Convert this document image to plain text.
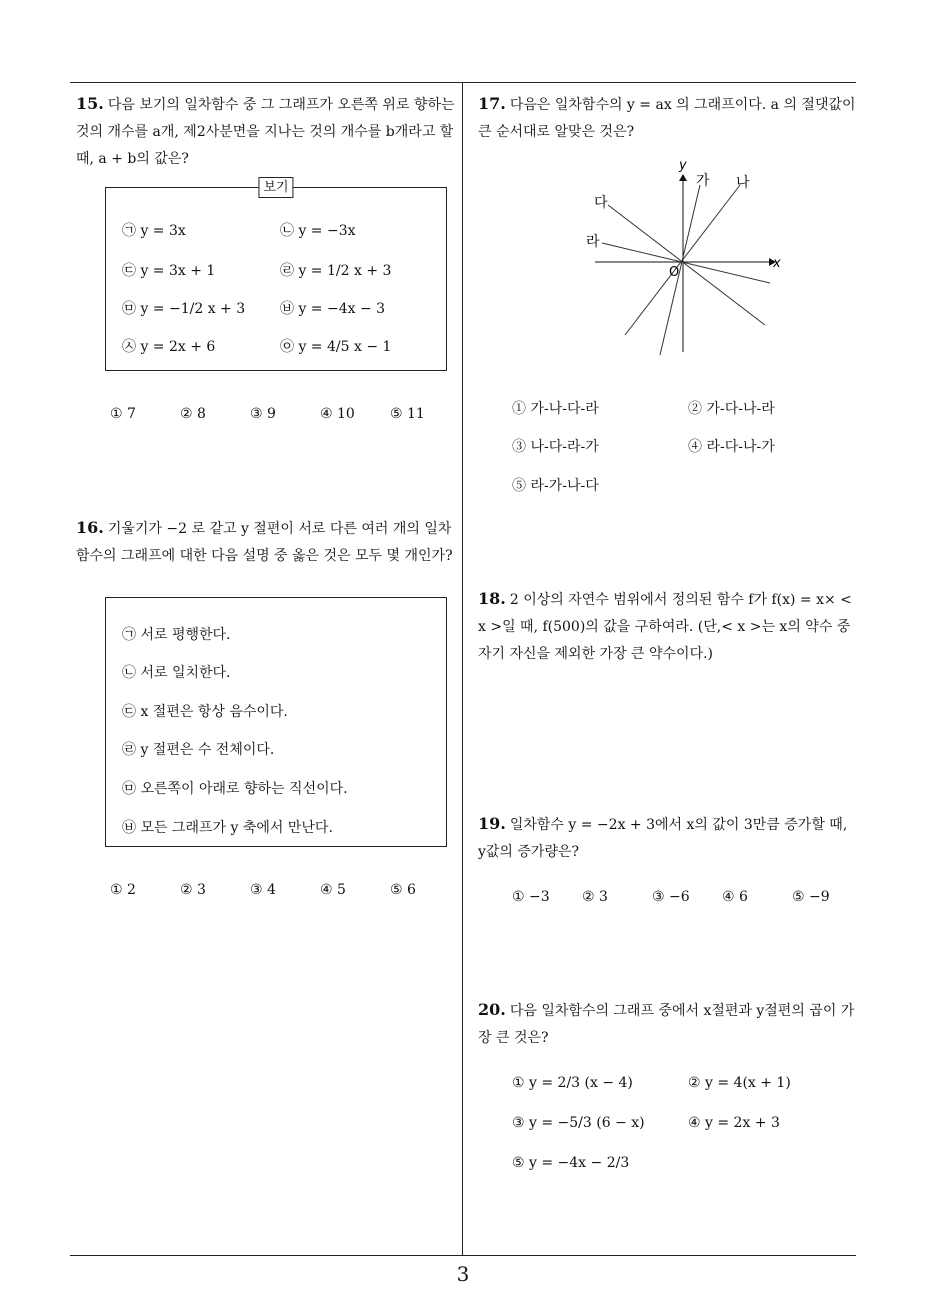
15. 다음 보기의 일차함수 중 그 그래프가 오른쪽 위로 향하는 것의 개수를 a개, 제2사분면을 지나는 것의 개수를 b개라고 할 때, a + b의 값은?
보기
㉠ y = 3x	㉡ y = −3x
㉢ y = 3x + 1	㉣ y = 1/2 x + 3
㉤ y = −1/2 x + 3 ㉥ y = −4x − 3
㉦ y = 2x + 6	㉧ y = 4/5 x − 1
① 7	② 8	③ 9	④ 10	⑤ 11
16. 기울기가 −2 로 같고 y 절편이 서로 다른 여러 개의 일차함수의 그래프에 대한 다음 설명 중 옳은 것은 모두 몇 개인가?
㉠ 서로 평행한다.
㉡ 서로 일치한다.
㉢ x 절편은 항상 음수이다.
㉣ y 절편은 수 전체이다.
㉤ 오른쪽이 아래로 향하는 직선이다.
㉥ 모든 그래프가 y 축에서 만난다.
① 2	② 3	③ 4	④ 5	⑤ 6
17. 다음은 일차함수의 y = ax 의 그래프이다. a 의 절댓값이 큰 순서대로 알맞은 것은?
y
x
O
가 나
다
라
① 가-나-다-라	② 가-다-나-라
③ 나-다-라-가	④ 라-다-나-가
⑤ 라-가-나-다
18. 2 이상의 자연수 범위에서 정의된 함수 f가 f(x) = x× < x >일 때, f(500)의 값을 구하여라. (단,< x >는 x의 약수 중 자기 자신을 제외한 가장 큰 약수이다.)
19. 일차함수 y = −2x + 3에서 x의 값이 3만큼 증가할 때, y값의 증가량은?
① −3 ② 3	③ −6 ④ 6	⑤ −9
20. 다음 일차함수의 그래프 중에서 x절편과 y절편의 곱이 가장 큰 것은?
① y = 2/3 (x − 4)	② y = 4(x + 1)
③ y = −5/3 (6 − x)	④ y = 2x + 3
⑤ y = −4x − 2/3
3
